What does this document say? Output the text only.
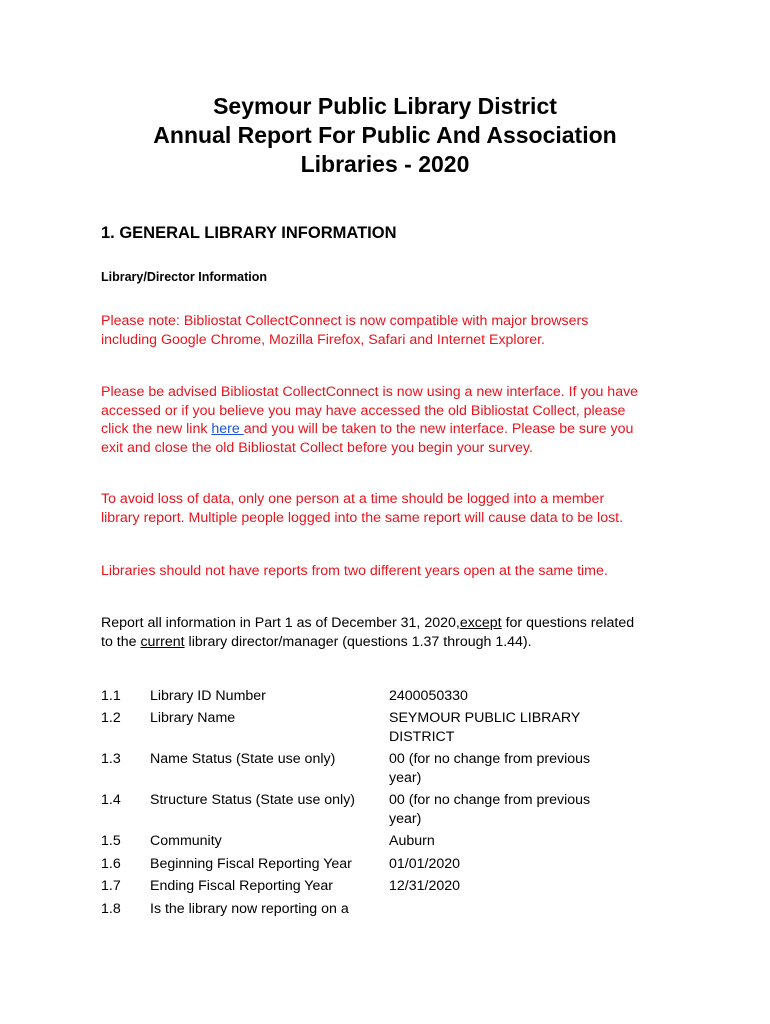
Seymour Public Library District
Annual Report For Public And Association
Libraries - 2020
1. GENERAL LIBRARY INFORMATION
Library/Director Information
Please note: Bibliostat CollectConnect is now compatible with major browsers including Google Chrome, Mozilla Firefox, Safari and Internet Explorer.
Please be advised Bibliostat CollectConnect is now using a new interface. If you have accessed or if you believe you may have accessed the old Bibliostat Collect, please click the new link here and you will be taken to the new interface. Please be sure you exit and close the old Bibliostat Collect before you begin your survey.
To avoid loss of data, only one person at a time should be logged into a member library report. Multiple people logged into the same report will cause data to be lost.
Libraries should not have reports from two different years open at the same time.
Report all information in Part 1 as of December 31, 2020,except for questions related to the current library director/manager (questions 1.37 through 1.44).
1.1	Library ID Number	2400050330
1.2	Library Name	SEYMOUR PUBLIC LIBRARY DISTRICT
1.3	Name Status (State use only)	00 (for no change from previous year)
1.4	Structure Status (State use only)	00 (for no change from previous year)
1.5	Community	Auburn
1.6	Beginning Fiscal Reporting Year	01/01/2020
1.7	Ending Fiscal Reporting Year	12/31/2020
1.8	Is the library now reporting on a
